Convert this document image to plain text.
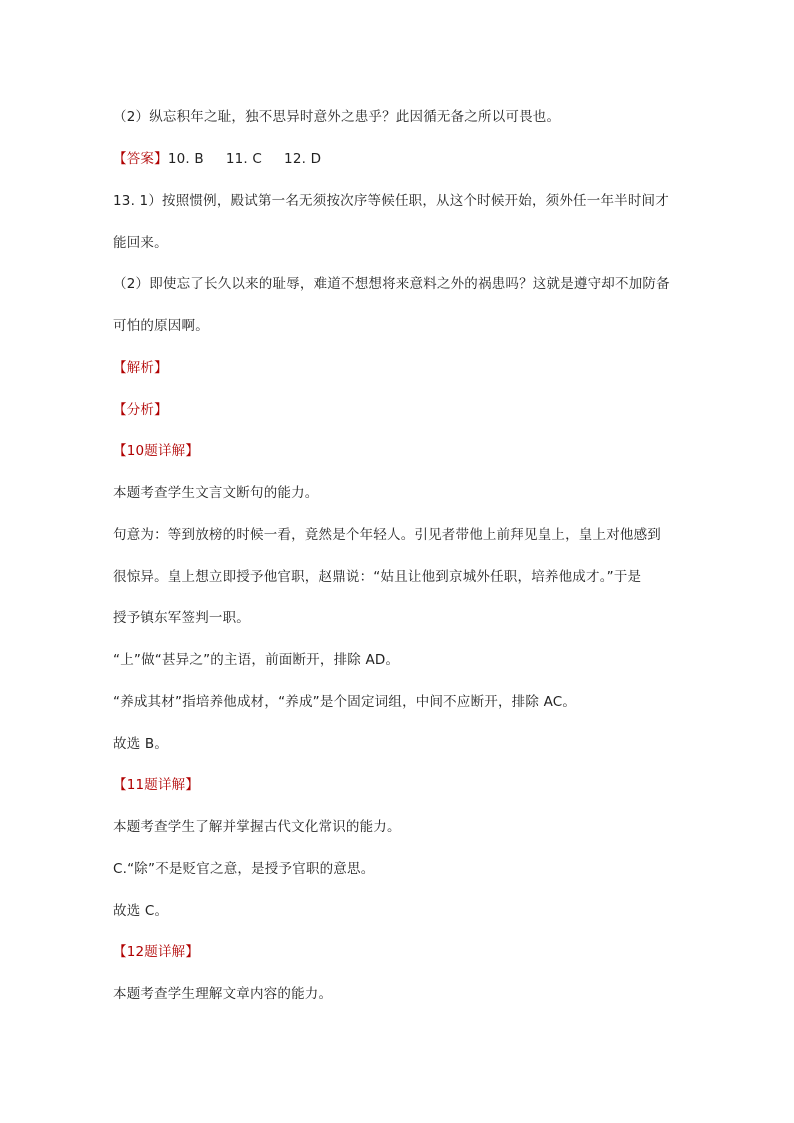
（2）纵忘积年之耻，独不思异时意外之患乎？此因循无备之所以可畏也。
【答案】10. B 11. C 12. D
13. 1）按照惯例，殿试第一名无须按次序等候任职，从这个时候开始，须外任一年半时间才
能回来。
（2）即使忘了长久以来的耻辱，难道不想想将来意料之外的祸患吗？这就是遵守却不加防备
可怕的原因啊。
【解析】
【分析】
【10题详解】
本题考查学生文言文断句的能力。
句意为：等到放榜的时候一看，竟然是个年轻人。引见者带他上前拜见皇上，皇上对他感到
很惊异。皇上想立即授予他官职，赵鼎说：“姑且让他到京城外任职，培养他成才。”于是
授予镇东军签判一职。
“上”做“甚异之”的主语，前面断开，排除 AD。
“养成其材”指培养他成材，“养成”是个固定词组，中间不应断开，排除 AC。
故选 B。
【11题详解】
本题考查学生了解并掌握古代文化常识的能力。
C.“除”不是贬官之意，是授予官职的意思。
故选 C。
【12题详解】
本题考查学生理解文章内容的能力。
